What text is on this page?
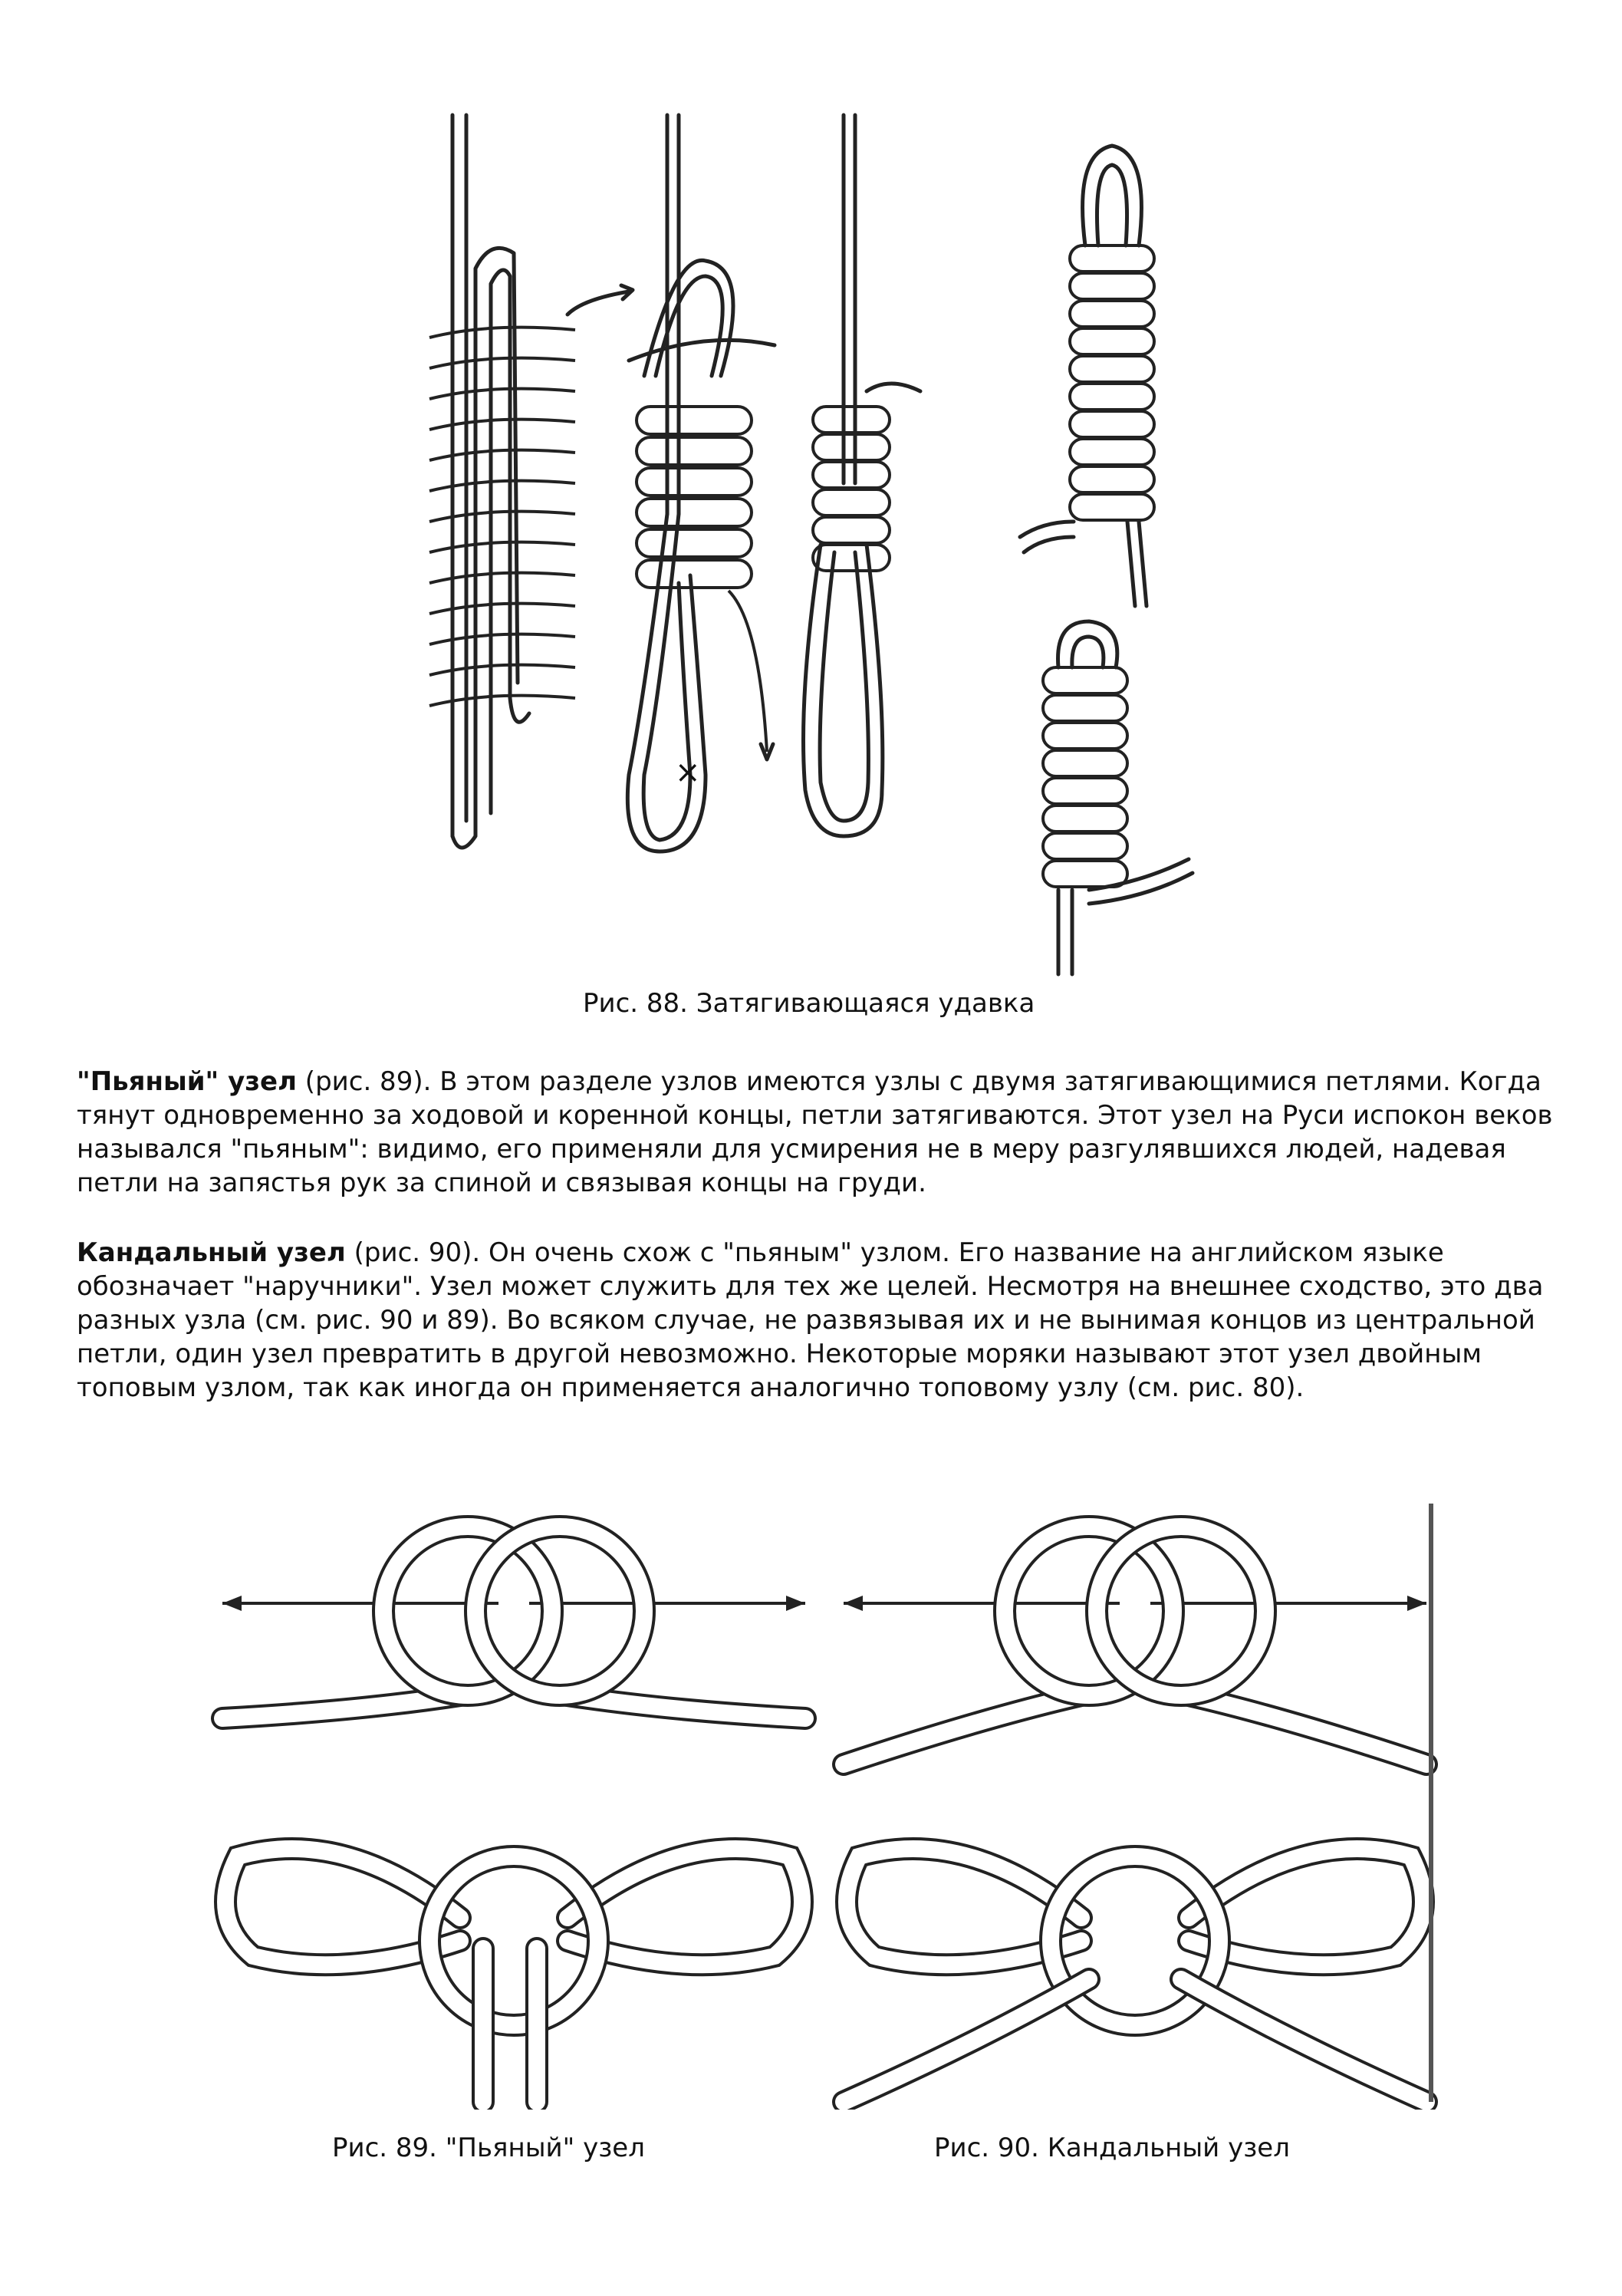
×
Рис. 88. Затягивающаяся удавка

"Пьяный" узел (рис. 89). В этом разделе узлов имеются узлы с двумя затягивающимися петлями. Когда тянут одновременно за ходовой и коренной концы, петли затягиваются. Этот узел на Руси испокон веков назывался "пьяным": видимо, его применяли для усмирения не в меру разгулявшихся людей, надевая петли на запястья рук за спиной и связывая концы на груди.

Кандальный узел (рис. 90). Он очень схож с "пьяным" узлом. Его название на английском языке обозначает "наручники". Узел может служить для тех же целей. Несмотря на внешнее сходство, это два разных узла (см. рис. 90 и 89). Во всяком случае, не развязывая их и не вынимая концов из центральной петли, один узел превратить в другой невозможно. Некоторые моряки называют этот узел двойным топовым узлом, так как иногда он применяется аналогично топовому узлу (см. рис. 80).

Рис. 89. "Пьяный" узел	Рис. 90. Кандальный узел
